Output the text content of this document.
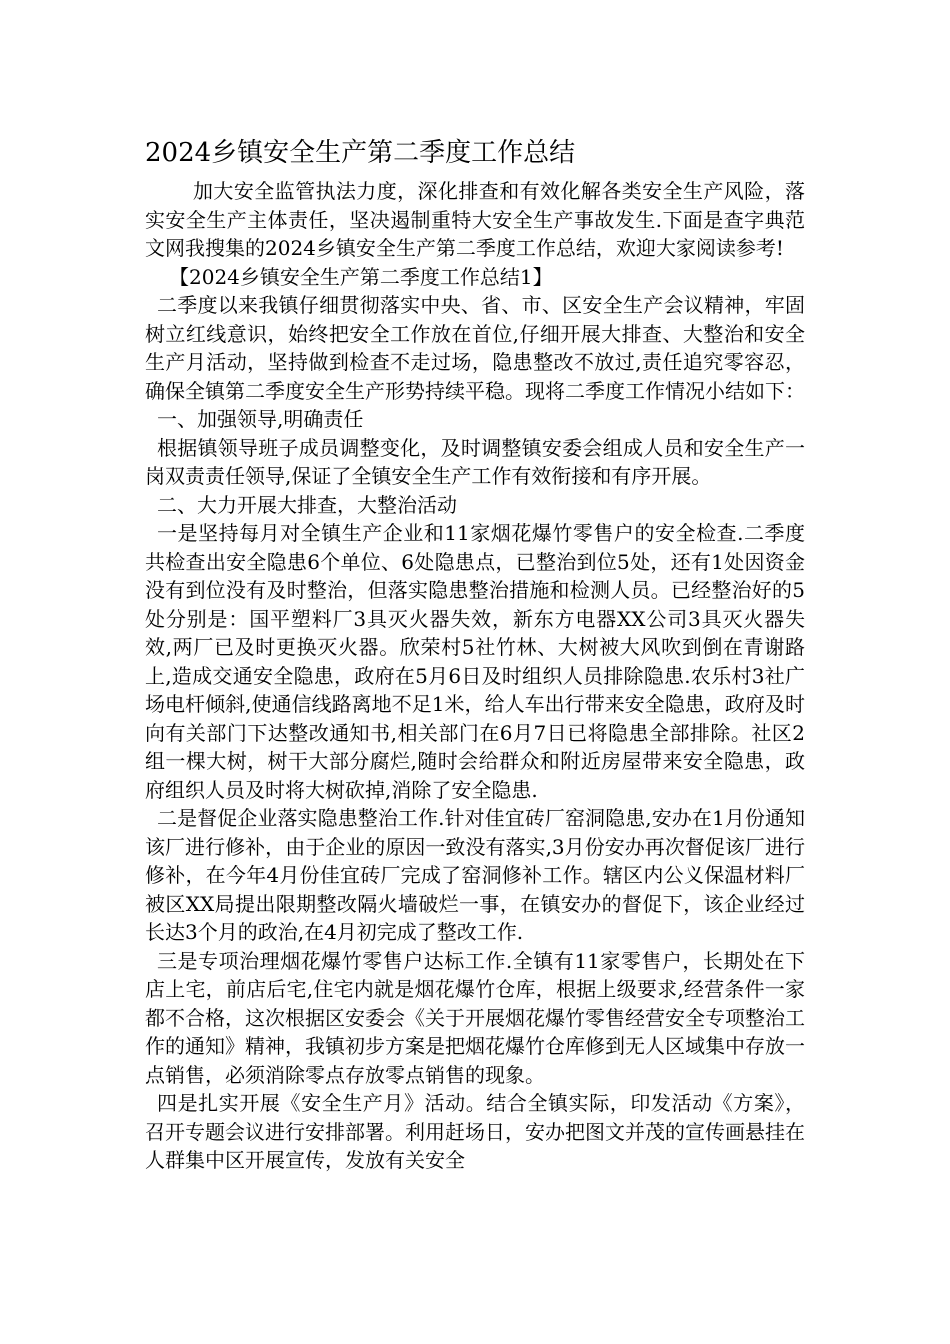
2024乡镇安全生产第二季度工作总结

加大安全监管执法力度，深化排查和有效化解各类安全生产风险，落实安全生产主体责任，坚决遏制重特大安全生产事故发生.下面是查字典范文网我搜集的2024乡镇安全生产第二季度工作总结，欢迎大家阅读参考!

【2024乡镇安全生产第二季度工作总结1】

二季度以来我镇仔细贯彻落实中央、省、市、区安全生产会议精神，牢固树立红线意识，始终把安全工作放在首位,仔细开展大排查、大整治和安全生产月活动，坚持做到检查不走过场，隐患整改不放过,责任追究零容忍，确保全镇第二季度安全生产形势持续平稳。现将二季度工作情况小结如下：

一、加强领导,明确责任

根据镇领导班子成员调整变化，及时调整镇安委会组成人员和安全生产一岗双责责任领导,保证了全镇安全生产工作有效衔接和有序开展。

二、大力开展大排查，大整治活动

一是坚持每月对全镇生产企业和11家烟花爆竹零售户的安全检查.二季度共检查出安全隐患6个单位、6处隐患点，已整治到位5处，还有1处因资金没有到位没有及时整治，但落实隐患整治措施和检测人员。已经整治好的5处分别是：国平塑料厂3具灭火器失效，新东方电器XX公司3具灭火器失效,两厂已及时更换灭火器。欣荣村5社竹林、大树被大风吹到倒在青谢路上,造成交通安全隐患，政府在5月6日及时组织人员排除隐患.农乐村3社广场电杆倾斜,使通信线路离地不足1米，给人车出行带来安全隐患，政府及时向有关部门下达整改通知书,相关部门在6月7日已将隐患全部排除。社区2组一棵大树，树干大部分腐烂,随时会给群众和附近房屋带来安全隐患，政府组织人员及时将大树砍掉,消除了安全隐患.

二是督促企业落实隐患整治工作.针对佳宜砖厂窑洞隐患,安办在1月份通知该厂进行修补，由于企业的原因一致没有落实,3月份安办再次督促该厂进行修补，在今年4月份佳宜砖厂完成了窑洞修补工作。辖区内公义保温材料厂被区XX局提出限期整改隔火墙破烂一事，在镇安办的督促下，该企业经过长达3个月的政治,在4月初完成了整改工作.

三是专项治理烟花爆竹零售户达标工作.全镇有11家零售户，长期处在下店上宅，前店后宅,住宅内就是烟花爆竹仓库，根据上级要求,经营条件一家都不合格，这次根据区安委会《关于开展烟花爆竹零售经营安全专项整治工作的通知》精神，我镇初步方案是把烟花爆竹仓库修到无人区域集中存放一点销售，必须消除零点存放零点销售的现象。

四是扎实开展《安全生产月》活动。结合全镇实际，印发活动《方案》，召开专题会议进行安排部署。利用赶场日，安办把图文并茂的宣传画悬挂在人群集中区开展宣传，发放有关安全
